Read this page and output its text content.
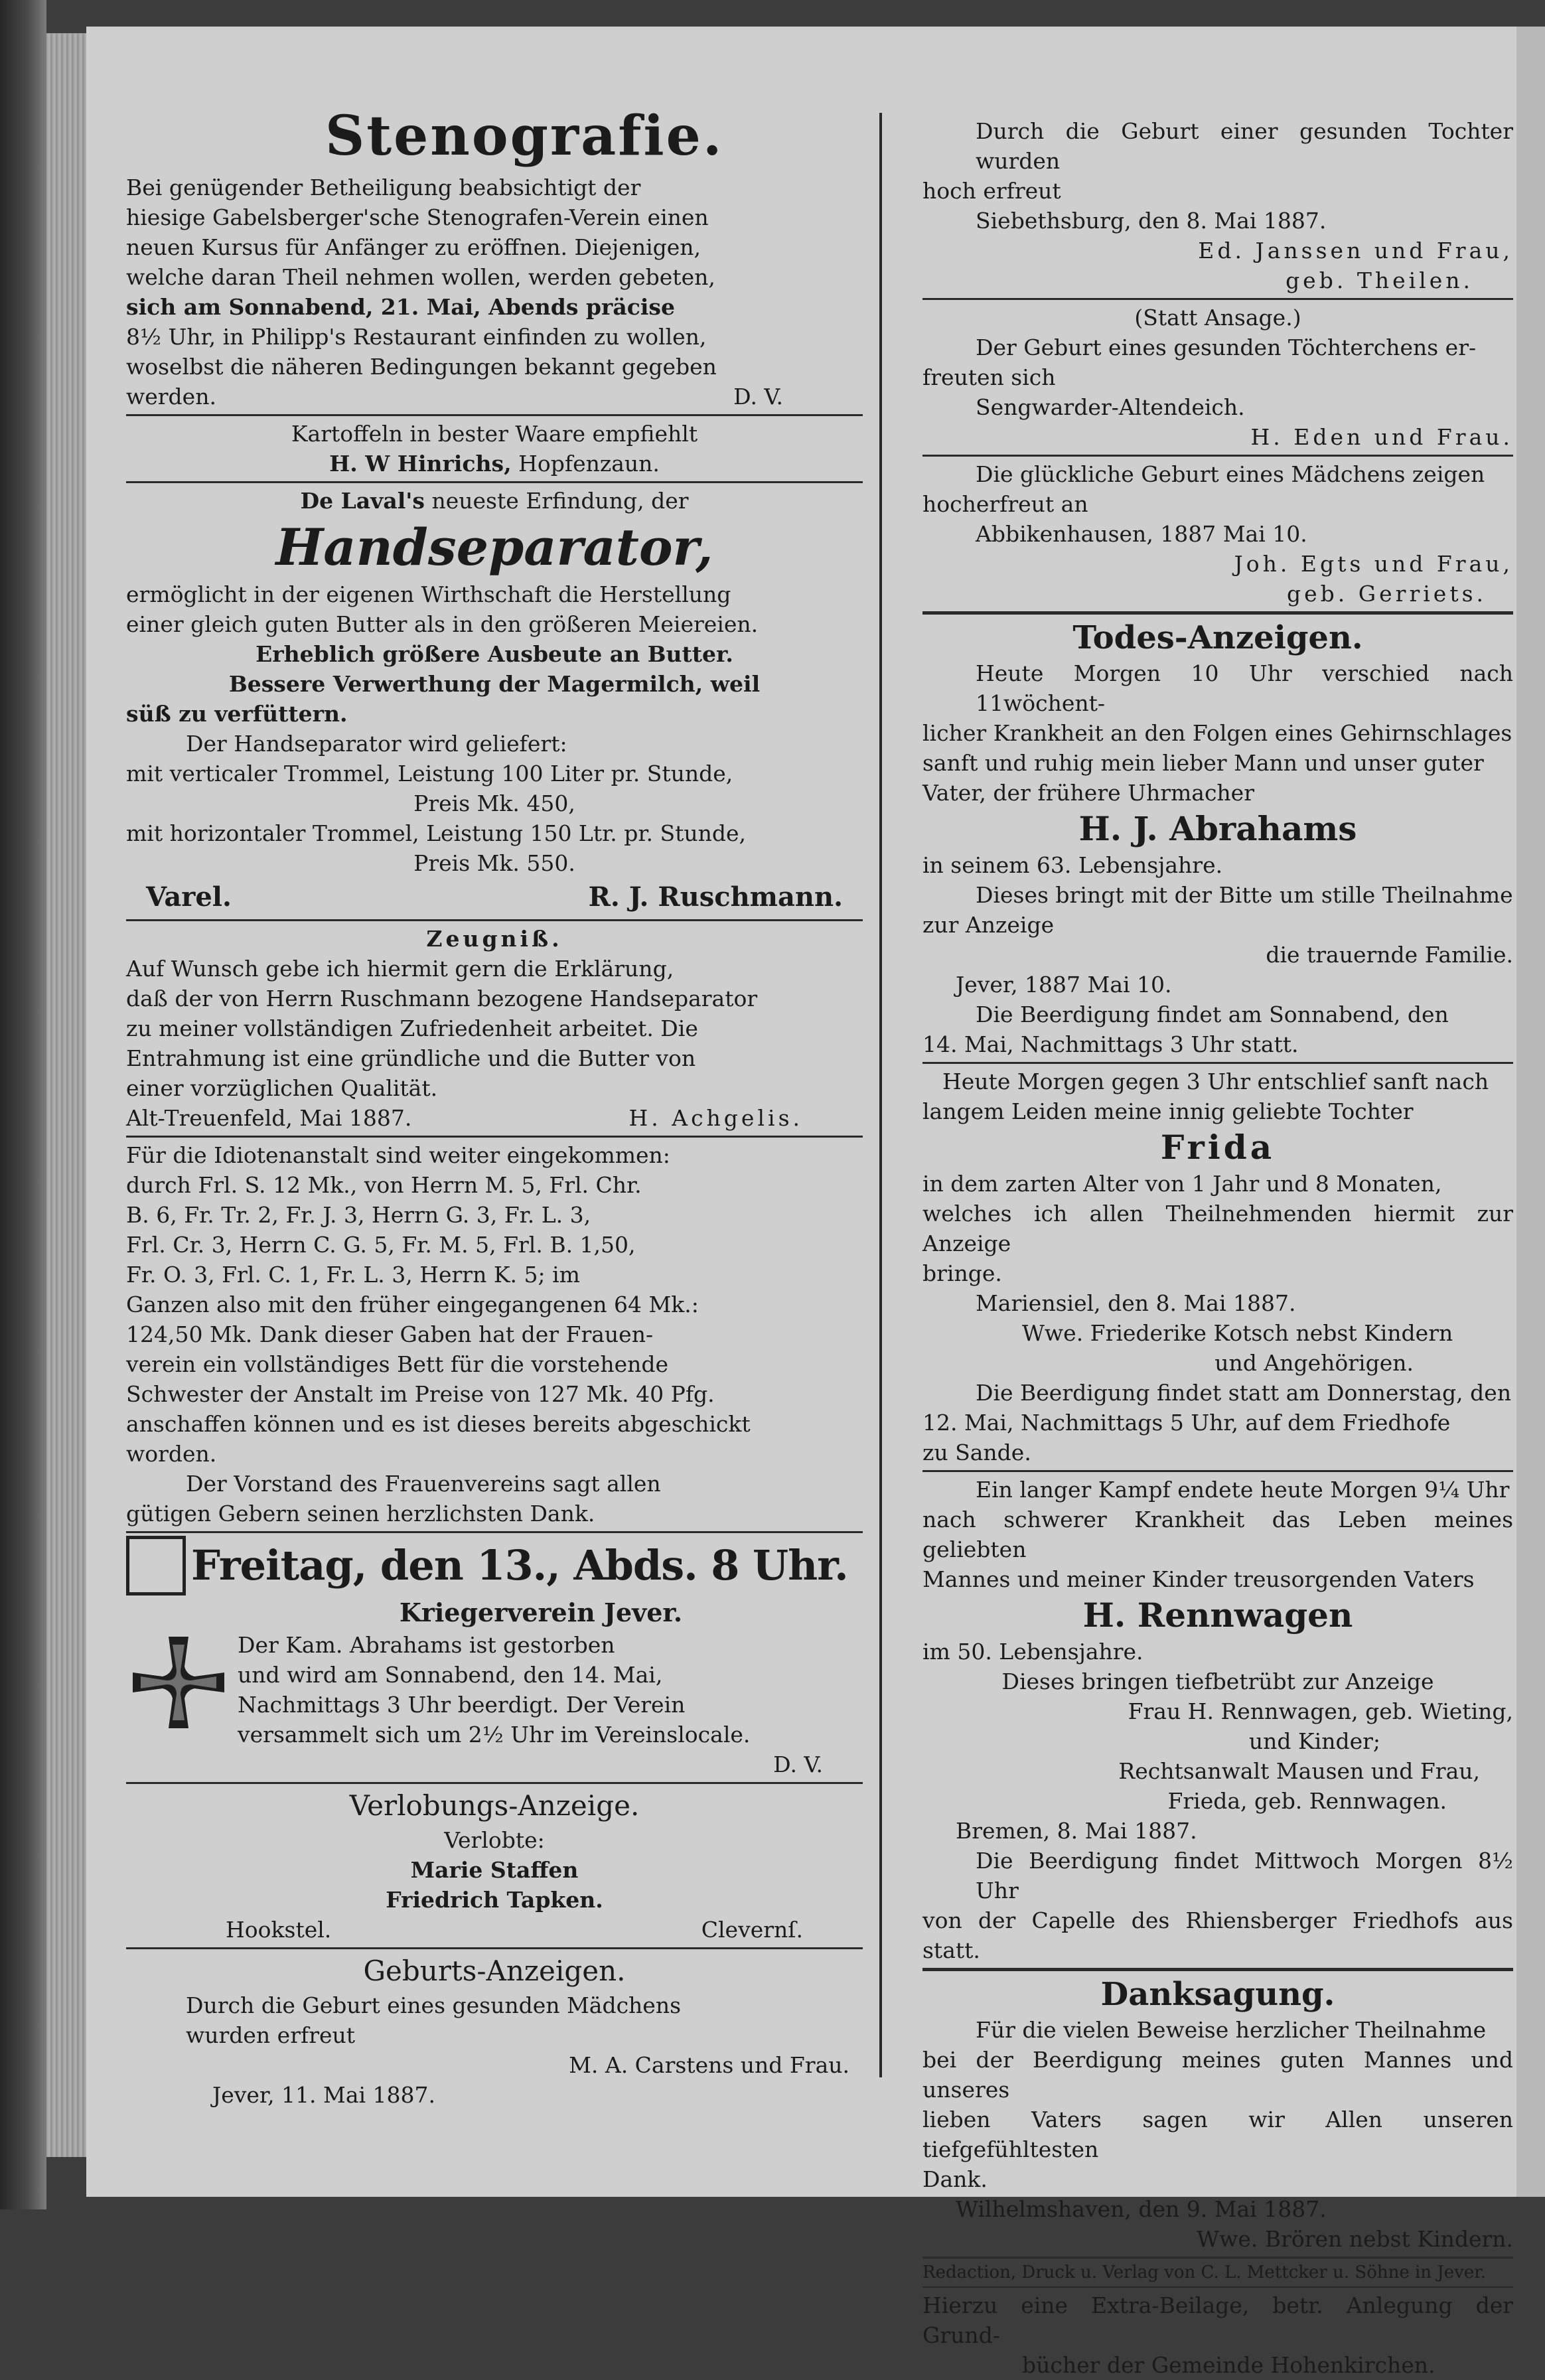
Stenografie.

Bei genügender Betheiligung beabsichtigt der

hiesige Gabelsberger'sche Stenografen-Verein einen

neuen Kursus für Anfänger zu eröffnen. Diejenigen,

welche daran Theil nehmen wollen, werden gebeten,

sich am Sonnabend, 21. Mai, Abends präcise

8½ Uhr, in Philipp's Restaurant einfinden zu wollen,

woselbst die näheren Bedingungen bekannt gegeben

werden.	D. V.

Kartoffeln in bester Waare empfiehlt

H. W Hinrichs, Hopfenzaun.

De Laval's neueste Erfindung, der

Handseparator,

ermöglicht in der eigenen Wirthschaft die Herstellung

einer gleich guten Butter als in den größeren Meiereien.

Erheblich größere Ausbeute an Butter.

Bessere Verwerthung der Magermilch, weil

süß zu verfüttern.

Der Handseparator wird geliefert:

mit verticaler Trommel, Leistung 100 Liter pr. Stunde,

Preis Mk. 450,

mit horizontaler Trommel, Leistung 150 Ltr. pr. Stunde,

Preis Mk. 550.

Varel.	R. J. Ruschmann.

Zeugniß.

Auf Wunsch gebe ich hiermit gern die Erklärung,

daß der von Herrn Ruschmann bezogene Handseparator

zu meiner vollständigen Zufriedenheit arbeitet. Die

Entrahmung ist eine gründliche und die Butter von

einer vorzüglichen Qualität.

Alt-Treuenfeld, Mai 1887.	H. Achgelis.

Für die Idiotenanstalt sind weiter eingekommen:

durch Frl. S. 12 Mk., von Herrn M. 5, Frl. Chr.

B. 6, Fr. Tr. 2, Fr. J. 3, Herrn G. 3, Fr. L. 3,

Frl. Cr. 3, Herrn C. G. 5, Fr. M. 5, Frl. B. 1,50,

Fr. O. 3, Frl. C. 1, Fr. L. 3, Herrn K. 5; im

Ganzen also mit den früher eingegangenen 64 Mk.:

124,50 Mk. Dank dieser Gaben hat der Frauen-

verein ein vollständiges Bett für die vorstehende

Schwester der Anstalt im Preise von 127 Mk. 40 Pfg.

anschaffen können und es ist dieses bereits abgeschickt

worden.

Der Vorstand des Frauenvereins sagt allen

gütigen Gebern seinen herzlichsten Dank.

Freitag, den 13., Abds. 8 Uhr.

Kriegerverein Jever.

Der Kam. Abrahams ist gestorben

und wird am Sonnabend, den 14. Mai,

Nachmittags 3 Uhr beerdigt. Der Verein

versammelt sich um 2½ Uhr im Vereinslocale.

D. V.

Verlobungs-Anzeige.

Verlobte:

Marie Staffen

Friedrich Tapken.

Hookstel.	Clevernſ.

Geburts-Anzeigen.

Durch die Geburt eines gesunden Mädchens

wurden erfreut

M. A. Carstens und Frau.

Jever, 11. Mai 1887.

Durch die Geburt einer gesunden Tochter wurden

hoch erfreut

Siebethsburg, den 8. Mai 1887.

Ed. Janssen und Frau,

geb. Theilen.

(Statt Ansage.)

Der Geburt eines gesunden Töchterchens er-

freuten sich

Sengwarder-Altendeich.

H. Eden und Frau.

Die glückliche Geburt eines Mädchens zeigen

hocherfreut an

Abbikenhausen, 1887 Mai 10.

Joh. Egts und Frau,

geb. Gerriets.

Todes-Anzeigen.

Heute Morgen 10 Uhr verschied nach 11wöchent-

licher Krankheit an den Folgen eines Gehirnschlages

sanft und ruhig mein lieber Mann und unser guter

Vater, der frühere Uhrmacher

H. J. Abrahams

in seinem 63. Lebensjahre.

Dieses bringt mit der Bitte um stille Theilnahme

zur Anzeige

die trauernde Familie.

Jever, 1887 Mai 10.

Die Beerdigung findet am Sonnabend, den

14. Mai, Nachmittags 3 Uhr statt.

Heute Morgen gegen 3 Uhr entschlief sanft nach

langem Leiden meine innig geliebte Tochter

Frida

in dem zarten Alter von 1 Jahr und 8 Monaten,

welches ich allen Theilnehmenden hiermit zur Anzeige

bringe.

Mariensiel, den 8. Mai 1887.

Wwe. Friederike Kotsch nebst Kindern

und Angehörigen.

Die Beerdigung findet statt am Donnerstag, den

12. Mai, Nachmittags 5 Uhr, auf dem Friedhofe

zu Sande.

Ein langer Kampf endete heute Morgen 9¼ Uhr

nach schwerer Krankheit das Leben meines geliebten

Mannes und meiner Kinder treusorgenden Vaters

H. Rennwagen

im 50. Lebensjahre.

Dieses bringen tiefbetrübt zur Anzeige

Frau H. Rennwagen, geb. Wieting,

und Kinder;

Rechtsanwalt Mausen und Frau,

Frieda, geb. Rennwagen.

Bremen, 8. Mai 1887.

Die Beerdigung findet Mittwoch Morgen 8½ Uhr

von der Capelle des Rhiensberger Friedhofs aus statt.

Danksagung.

Für die vielen Beweise herzlicher Theilnahme

bei der Beerdigung meines guten Mannes und unseres

lieben Vaters sagen wir Allen unseren tiefgefühltesten

Dank.

Wilhelmshaven, den 9. Mai 1887.

Wwe. Brören nebst Kindern.

Redaction, Druck u. Verlag von C. L. Mettcker u. Söhne in Jever.

Hierzu eine Extra-Beilage, betr. Anlegung der Grund-

bücher der Gemeinde Hohenkirchen.
